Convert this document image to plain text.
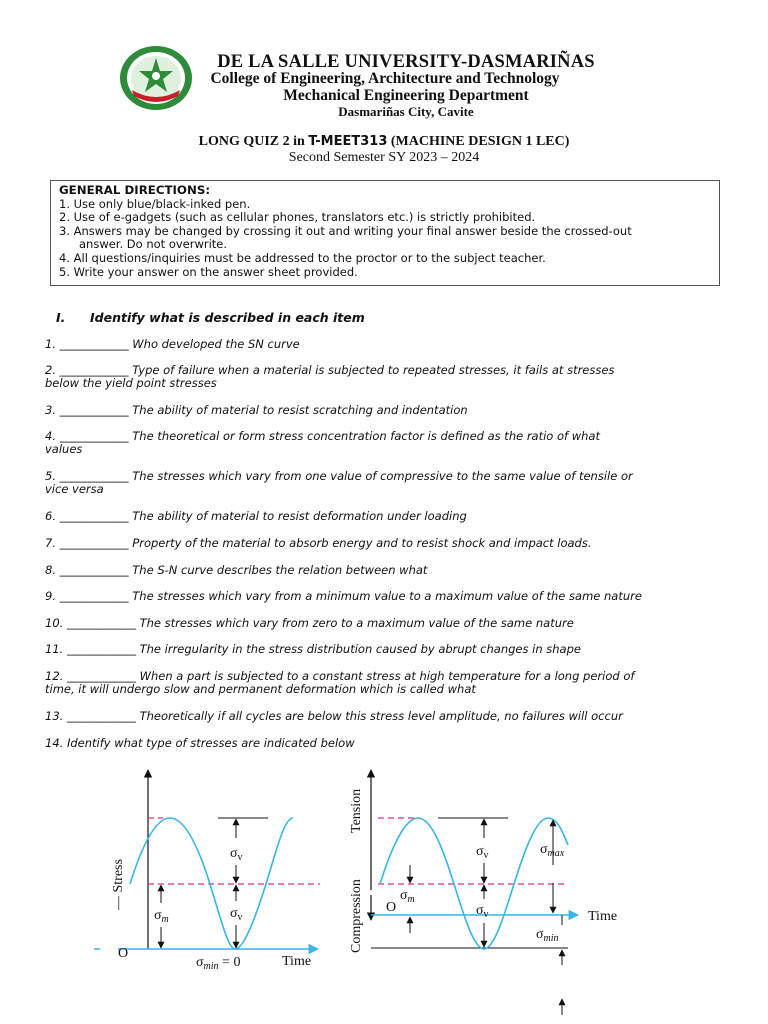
DE LA SALLE UNIVERSITY-DASMARIÑAS
College of Engineering, Architecture and Technology
Mechanical Engineering Department
Dasmariñas City, Cavite
LONG QUIZ 2 in T-MEET313 (MACHINE DESIGN 1 LEC)
Second Semester SY 2023 – 2024
GENERAL DIRECTIONS:
1. Use only blue/black-inked pen.
2. Use of e-gadgets (such as cellular phones, translators etc.) is strictly prohibited.
3. Answers may be changed by crossing it out and writing your final answer beside the crossed-out
answer. Do not overwrite.
4. All questions/inquiries must be addressed to the proctor or to the subject teacher.
5. Write your answer on the answer sheet provided.
I. Identify what is described in each item
1. ____________ Who developed the SN curve
2. ____________ Type of failure when a material is subjected to repeated stresses, it fails at stresses
below the yield point stresses
3. ____________ The ability of material to resist scratching and indentation
4. ____________ The theoretical or form stress concentration factor is defined as the ratio of what
values
5. ____________ The stresses which vary from one value of compressive to the same value of tensile or
vice versa
6. ____________ The ability of material to resist deformation under loading
7. ____________ Property of the material to absorb energy and to resist shock and impact loads.
8. ____________ The S-N curve describes the relation between what
9. ____________ The stresses which vary from a minimum value to a maximum value of the same nature
10. ____________ The stresses which vary from zero to a maximum value of the same nature
11. ____________ The irregularity in the stress distribution caused by abrupt changes in shape
12. ____________ When a part is subjected to a constant stress at high temperature for a long period of
time, it will undergo slow and permanent deformation which is called what
13. ____________ Theoretically if all cycles are below this stress level amplitude, no failures will occur
14. Identify what type of stresses are indicated below
$\sigma_v$
$\sigma_v$
$\sigma_m$
— Stress
O
Time
$\sigma_{min} = 0$
$\sigma_v$
$\sigma_v$
$\sigma_m$
$\sigma_{max}$
$\sigma_{min}$
Tension
Compression O
Time
